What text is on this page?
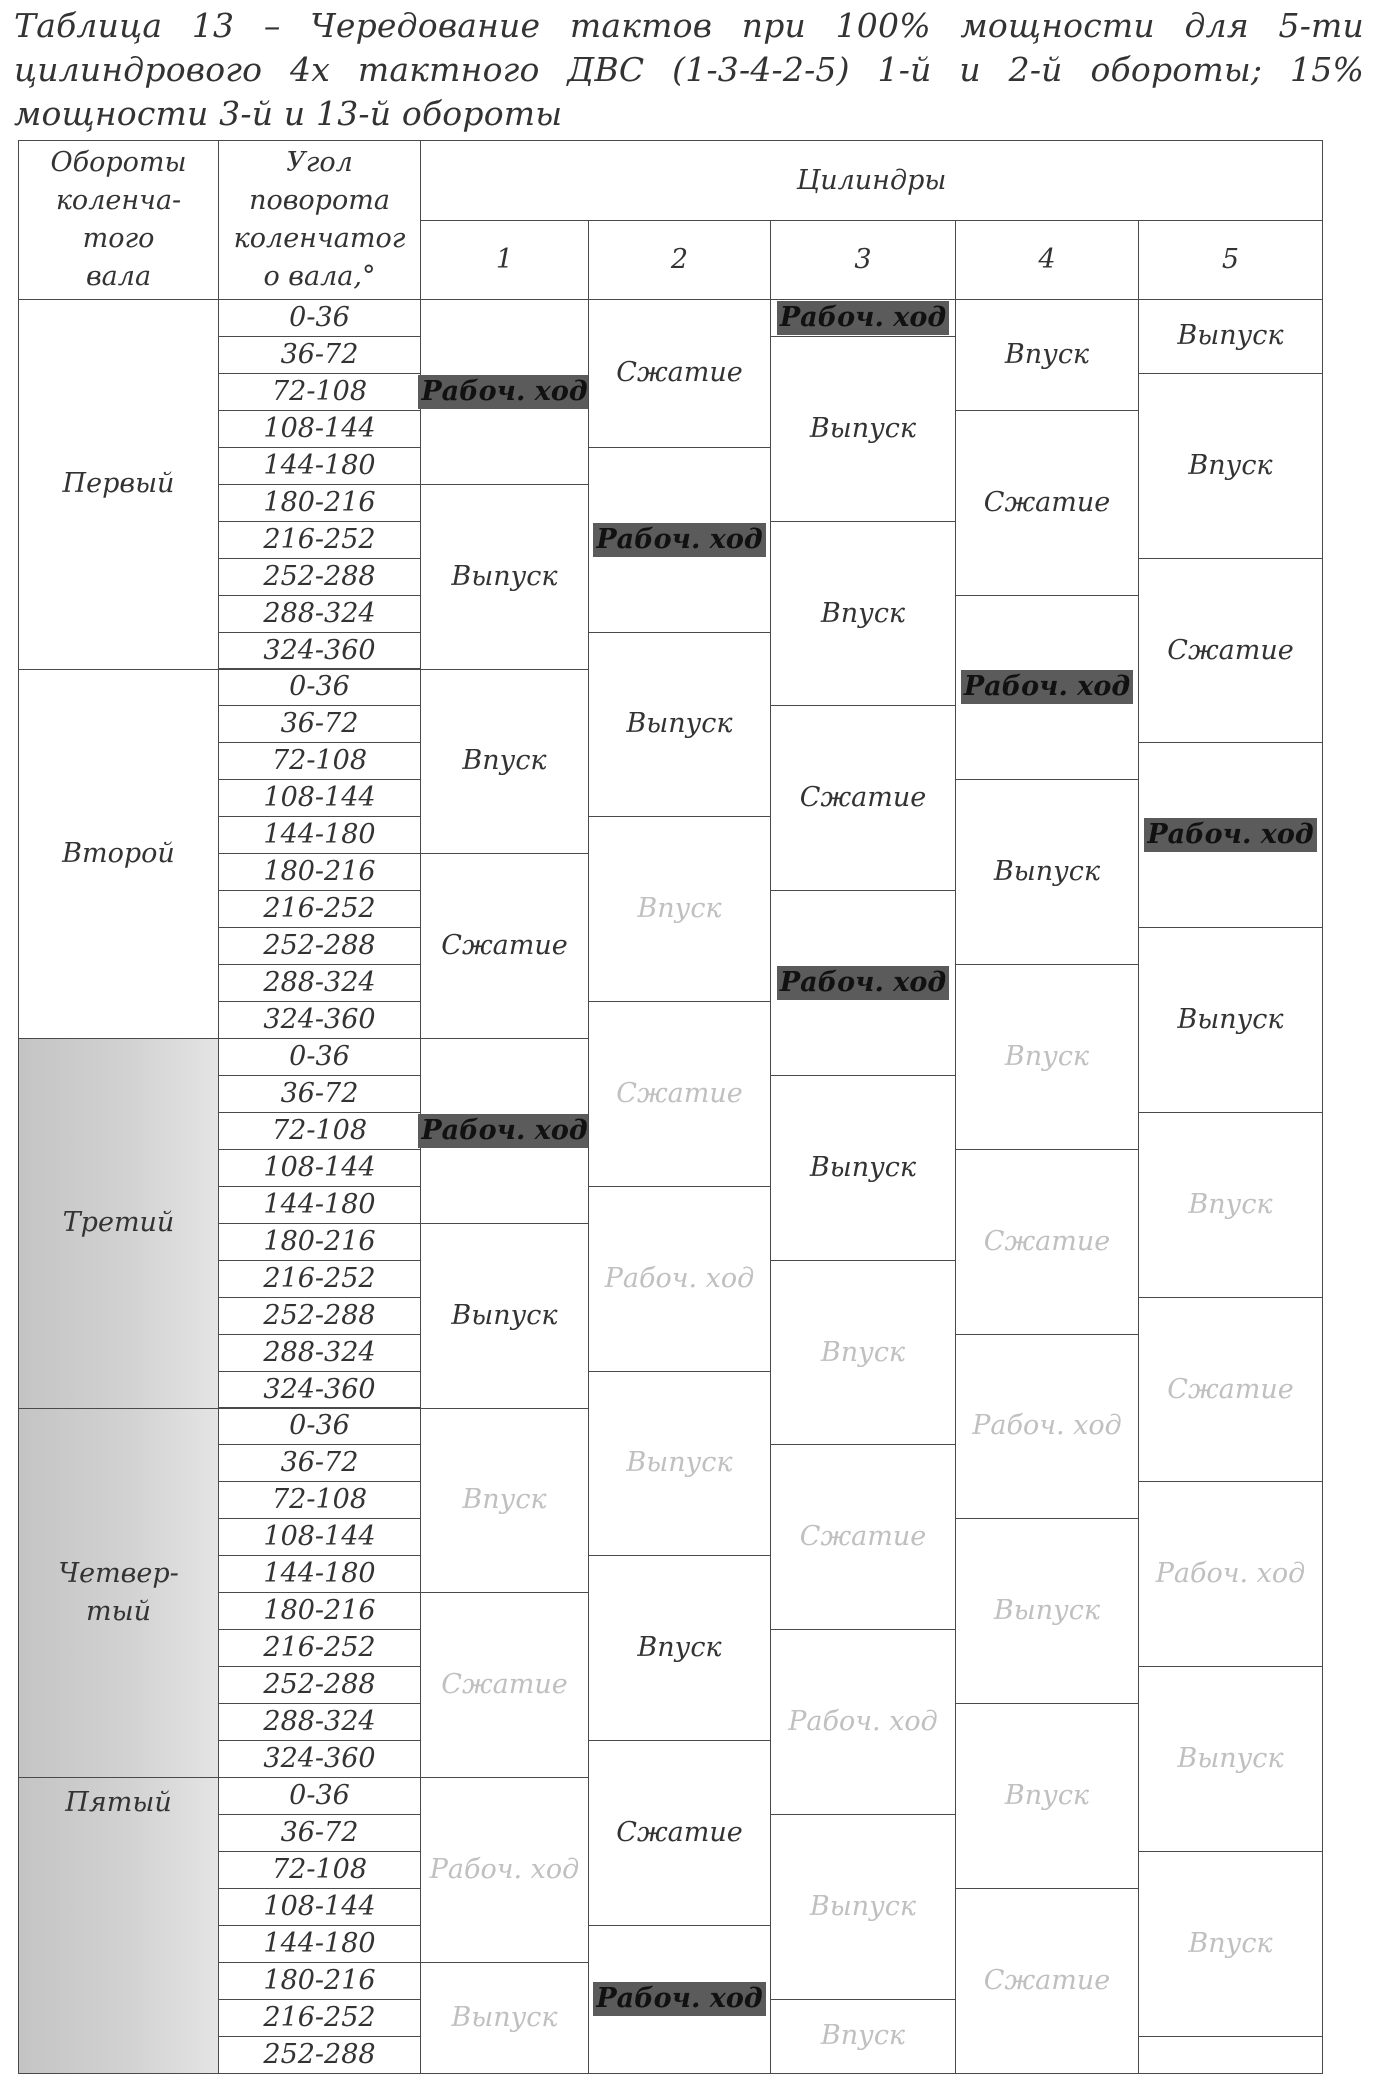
Таблица 13 – Чередование тактов при 100% мощности для 5-ти цилиндрового 4х тактного ДВС (1-3-4-2-5) 1-й и 2-й обороты; 15% мощности 3-й и 13-й обороты
Обороты
коленча-
того
вала
Угол
поворота
коленчатог
о вала,°
Цилиндры
1	2	3	4	5
Первый
Второй
Третий
Четвер-
тый
Пятый
0-36
36-72
72-108
108-144
144-180
180-216
216-252
252-288
288-324
324-360
0-36
36-72
72-108
108-144
144-180
180-216
216-252
252-288
288-324
324-360
0-36
36-72
72-108
108-144
144-180
180-216
216-252
252-288
288-324
324-360
0-36
36-72
72-108
108-144
144-180
180-216
216-252
252-288
288-324
324-360
0-36
36-72
72-108
108-144
144-180
180-216
216-252
252-288
Рабоч. ход
Выпуск
Впуск
Сжатие
Рабоч. ход
Выпуск
Впуск
Сжатие
Рабоч. ход
Выпуск
Сжатие
Рабоч. ход
Выпуск
Впуск
Сжатие
Рабоч. ход
Выпуск
Впуск
Сжатие
Рабоч. ход
Рабоч. ход
Выпуск
Впуск
Сжатие
Рабоч. ход
Выпуск
Впуск
Сжатие
Рабоч. ход
Выпуск
Впуск
Впуск
Сжатие
Рабоч. ход
Выпуск
Впуск
Сжатие
Рабоч. ход
Выпуск
Впуск
Сжатие
Выпуск
Впуск
Сжатие
Рабоч. ход
Выпуск
Впуск
Сжатие
Рабоч. ход
Выпуск
Впуск
